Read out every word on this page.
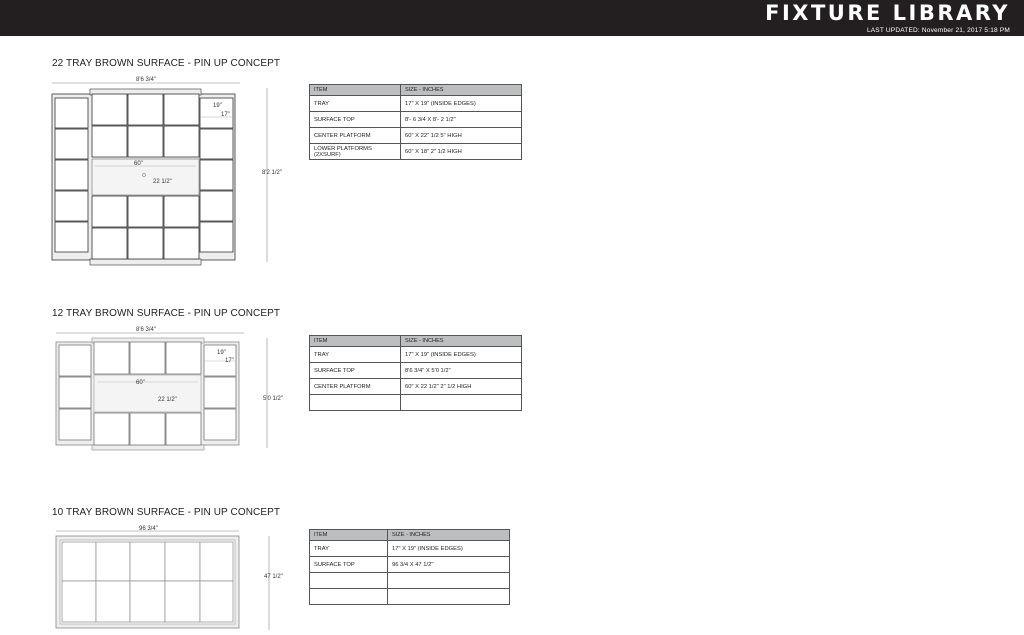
FIXTURE LIBRARY
LAST UPDATED: November 21, 2017 5:18 PM
22 TRAY BROWN SURFACE - PIN UP CONCEPT
8'6 3/4"
8'2 1/2"
60"
22 1/2"
19"
17"
ITEM	SIZE - INCHES
TRAY	17" X 19" (INSIDE EDGES)
SURFACE TOP	8'- 6 3/4 X 8'- 2 1/2"
CENTER PLATFORM	60" X 22" 1/2 5" HIGH
LOWER PLATFORMS (2XSURF)	60" X 18" 2" 1/2 HIGH
12 TRAY BROWN SURFACE - PIN UP CONCEPT
8'6 3/4"
5'0 1/2"
60"
22 1/2"
19"
17"
ITEM	SIZE - INCHES
TRAY	17" X 19" (INSIDE EDGES)
SURFACE TOP	8'6 3/4" X 5'0 1/2"
CENTER PLATFORM	60" X 22 1/2" 2" 1/2 HIGH

10 TRAY BROWN SURFACE - PIN UP CONCEPT
96 3/4"
47 1/2"
ITEM	SIZE - INCHES
TRAY	17" X 19" (INSIDE EDGES)
SURFACE TOP	96 3/4 X 47 1/2"
